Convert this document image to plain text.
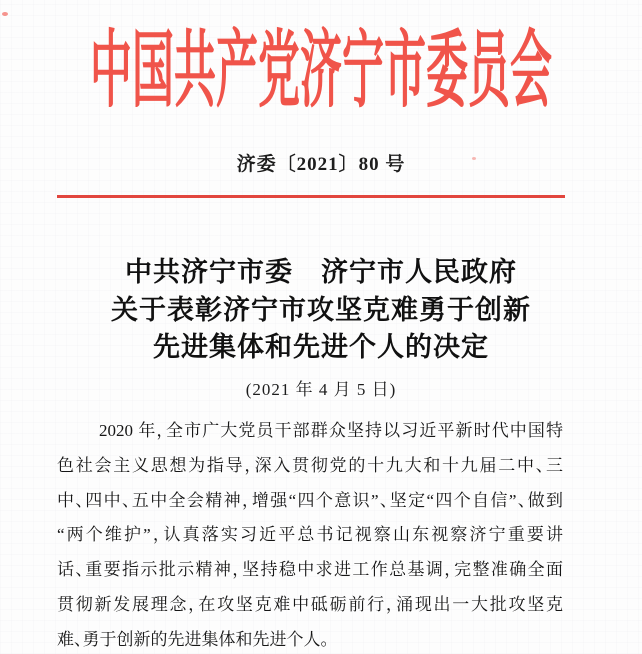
中国共产党济宁市委员会
济委〔2021〕80 号
中共济宁市委　济宁市人民政府
关于表彰济宁市攻坚克难勇于创新
先进集体和先进个人的决定
(2021 年 4 月 5 日)
2020 年，全市广大党员干部群众坚持以习近平新时代中国特
色社会主义思想为指导，深入贯彻党的十九大和十九届二中、三
中、四中、五中全会精神，增强“四个意识”、坚定“四个自信”、做到
“两个维护”，认真落实习近平总书记视察山东视察济宁重要讲
话、重要指示批示精神，坚持稳中求进工作总基调，完整准确全面
贯彻新发展理念，在攻坚克难中砥砺前行，涌现出一大批攻坚克
难、勇于创新的先进集体和先进个人。
